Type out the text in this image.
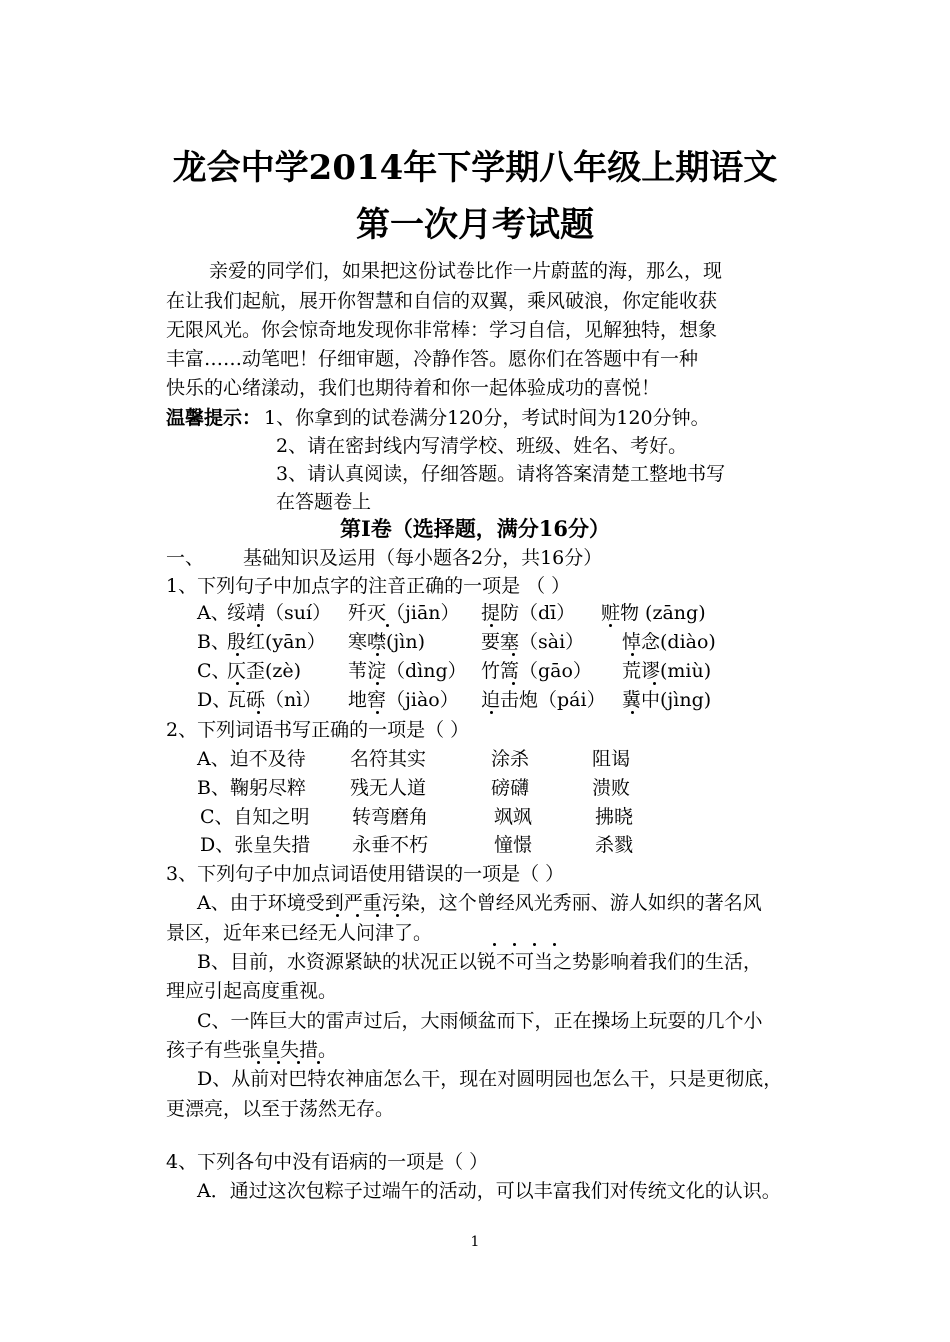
龙会中学2014年下学期八年级上期语文
第一次月考试题
亲爱的同学们，如果把这份试卷比作一片蔚蓝的海，那么，现
在让我们起航，展开你智慧和自信的双翼，乘风破浪，你定能收获
无限风光。你会惊奇地发现你非常棒：学习自信，见解独特，想象
丰富……动笔吧！仔细审题，冷静作答。愿你们在答题中有一种
快乐的心绪漾动，我们也期待着和你一起体验成功的喜悦！
温馨提示： 1、你拿到的试卷满分120分，考试时间为120分钟。
2、请在密封线内写清学校、班级、姓名、考好。
3、请认真阅读，仔细答题。请将答案清楚工整地书写
在答题卷上
第Ⅰ卷（选择题，满分16分）
一、 基础知识及运用（每小题各2分，共16分）
1、下列句子中加点字的注音正确的一项是 （ ）
A、
绥靖（suí） 歼灭（jiān） 提防（dī） 赃物 (zāng)
B、
殷红(yān） 寒噤(jìn)	要塞（sài） 悼念(diào)
C、
仄歪(zè) 苇淀（dìng） 竹篙（gāo） 荒谬(miù)
D、
瓦砾（nì） 地窖（jiào） 迫击炮（pái） 冀中(jìng)
2、下列词语书写正确的一项是（ ）
A、迫不及待 名符其实	涂杀	阻谒
B、鞠躬尽粹 残无人道	磅礴	溃败
C、自知之明 转弯磨角	飒飒	拂晓
D、张皇失措 永垂不朽	憧憬	杀戮
3、下列句子中加点词语使用错误的一项是（ ）
A、由于环境受到严重污染，这个曾经风光秀丽、游人如织的著名风
景区，近年来已经无人问津了。
B、目前，水资源紧缺的状况正以锐不可当之势影响着我们的生活，
理应引起高度重视。
C、一阵巨大的雷声过后，大雨倾盆而下，正在操场上玩耍的几个小
孩子有些张皇失措。
D、从前对巴特农神庙怎么干，现在对圆明园也怎么干，只是更彻底，
更漂亮，以至于荡然无存。
4、下列各句中没有语病的一项是（ ）
A．通过这次包粽子过端午的活动，可以丰富我们对传统文化的认识。
1
